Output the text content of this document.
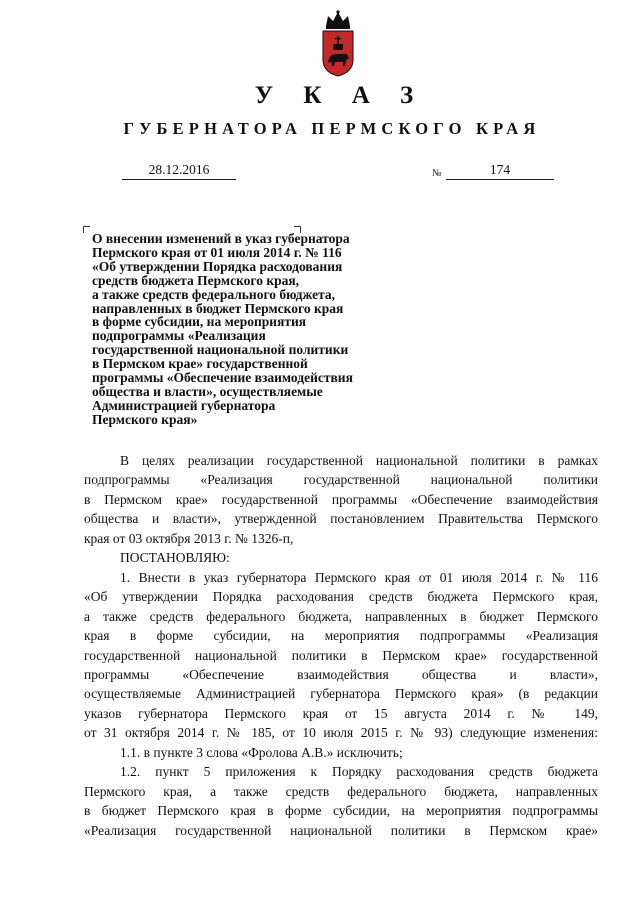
У К А З
ГУБЕРНАТОРА ПЕРМСКОГО КРАЯ
28.12.2016	№	174
О внесении изменений в указ губернатора
Пермского края от 01 июля 2014 г. № 116
«Об утверждении Порядка расходования
средств бюджета Пермского края,
а также средств федерального бюджета,
направленных в бюджет Пермского края
в форме субсидии, на мероприятия
подпрограммы «Реализация
государственной национальной политики
в Пермском крае» государственной
программы «Обеспечение взаимодействия
общества и власти», осуществляемые
Администрацией губернатора
Пермского края»

В целях реализации государственной национальной политики в рамках

подпрограммы «Реализация государственной национальной политики

в Пермском крае» государственной программы «Обеспечение взаимодействия

общества и власти», утвержденной постановлением Правительства Пермского

края от 03 октября 2013 г. № 1326-п,

ПОСТАНОВЛЯЮ:

1. Внести в указ губернатора Пермского края от 01 июля 2014 г. № 116

«Об утверждении Порядка расходования средств бюджета Пермского края,

а также средств федерального бюджета, направленных в бюджет Пермского

края в форме субсидии, на мероприятия подпрограммы «Реализация

государственной национальной политики в Пермском крае» государственной

программы «Обеспечение взаимодействия общества и власти»,

осуществляемые Администрацией губернатора Пермского края» (в редакции

указов губернатора Пермского края от 15 августа 2014 г. № 149,

от 31 октября 2014 г. № 185, от 10 июля 2015 г. № 93) следующие изменения:

1.1. в пункте 3 слова «Фролова А.В.» исключить;

1.2. пункт 5 приложения к Порядку расходования средств бюджета

Пермского края, а также средств федерального бюджета, направленных

в бюджет Пермского края в форме субсидии, на мероприятия подпрограммы

«Реализация государственной национальной политики в Пермском крае»
